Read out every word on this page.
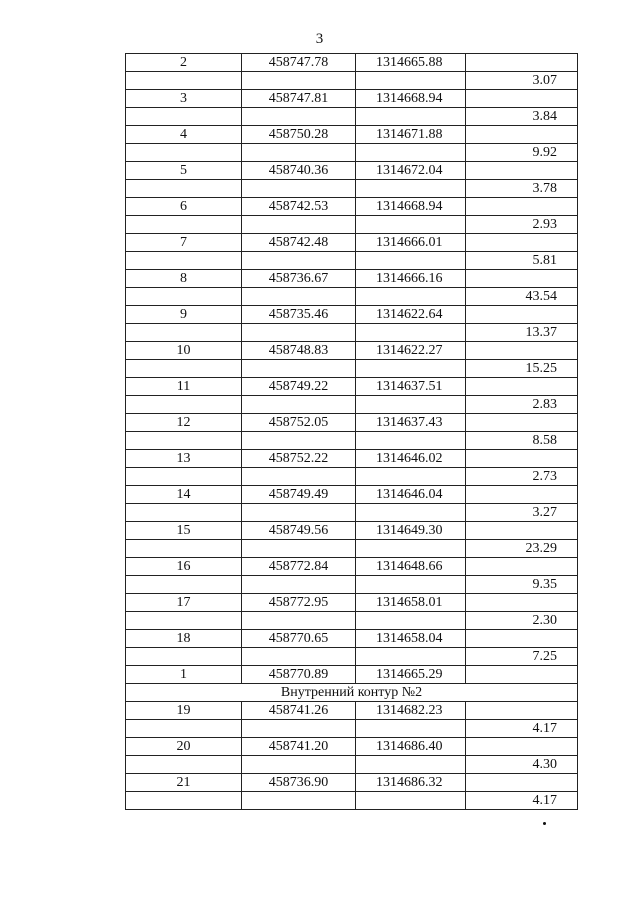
3
2	458747.78	1314665.88	
			3.07
3	458747.81	1314668.94	
			3.84
4	458750.28	1314671.88	
			9.92
5	458740.36	1314672.04	
			3.78
6	458742.53	1314668.94	
			2.93
7	458742.48	1314666.01	
			5.81
8	458736.67	1314666.16	
			43.54
9	458735.46	1314622.64	
			13.37
10	458748.83	1314622.27	
			15.25
11	458749.22	1314637.51	
			2.83
12	458752.05	1314637.43	
			8.58
13	458752.22	1314646.02	
			2.73
14	458749.49	1314646.04	
			3.27
15	458749.56	1314649.30	
			23.29
16	458772.84	1314648.66	
			9.35
17	458772.95	1314658.01	
			2.30
18	458770.65	1314658.04	
			7.25
1	458770.89	1314665.29	
Внутренний контур №2			
19	458741.26	1314682.23	
			4.17
20	458741.20	1314686.40	
			4.30
21	458736.90	1314686.32	
			4.17
